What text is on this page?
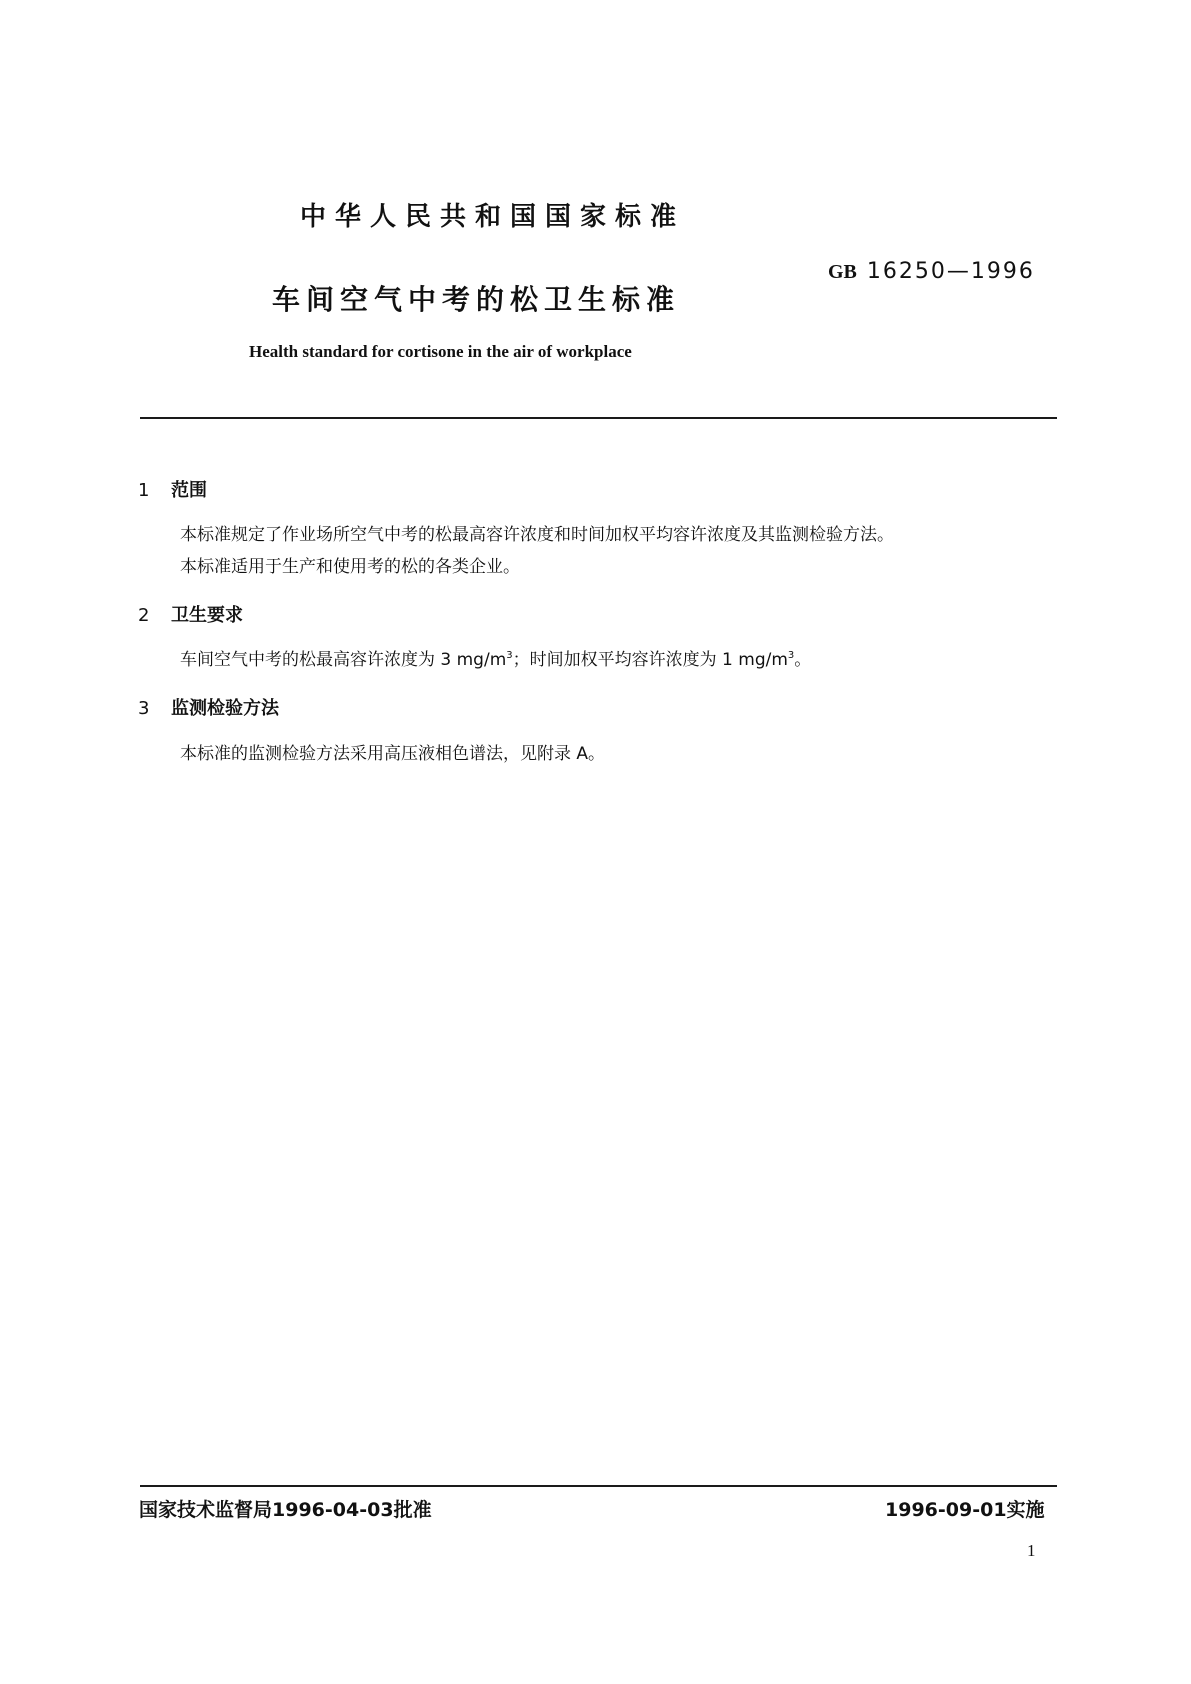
中华人民共和国国家标准
GB 16250—1996
车间空气中考的松卫生标准
Health standard for cortisone in the air of workplace
1 范围
本标准规定了作业场所空气中考的松最高容许浓度和时间加权平均容许浓度及其监测检验方法。
本标准适用于生产和使用考的松的各类企业。
2 卫生要求
车间空气中考的松最高容许浓度为 3 $mg/m^3$；时间加权平均容许浓度为 1 $mg/m^3$。
3 监测检验方法
本标准的监测检验方法采用高压液相色谱法，见附录 A。
国家技术监督局1996-04-03批准	1996-09-01实施
1
